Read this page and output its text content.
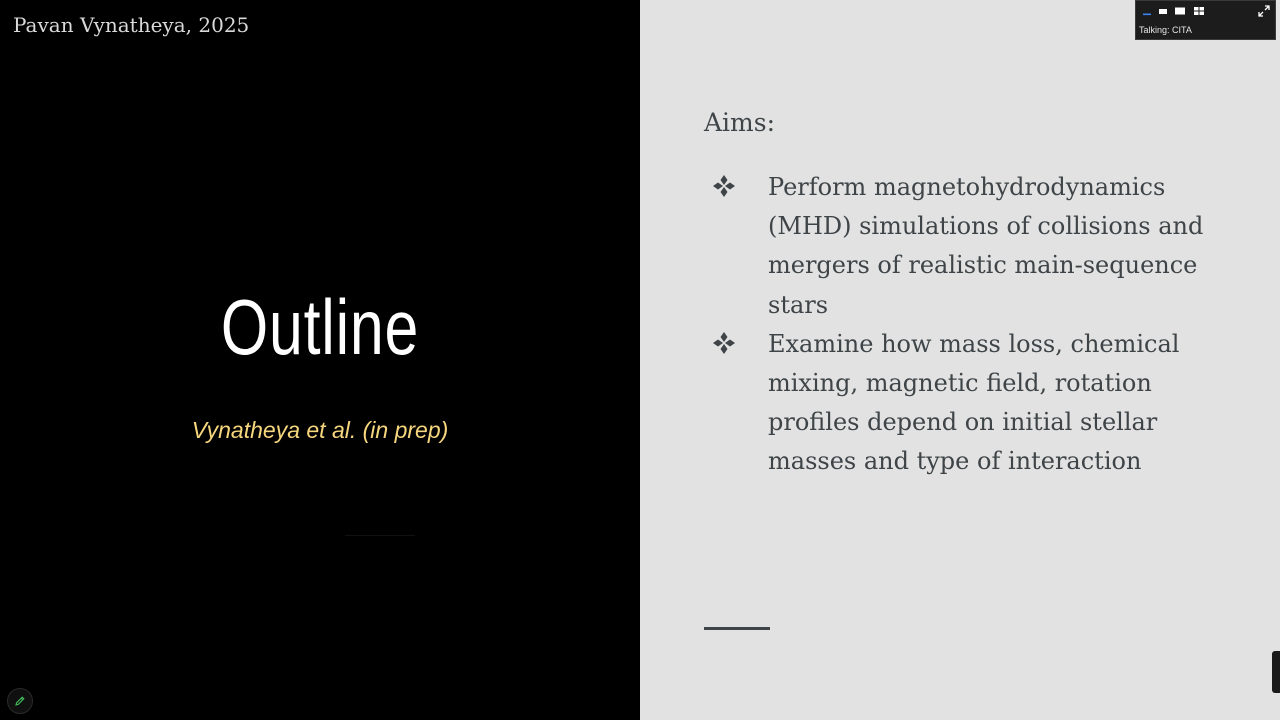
Pavan Vynatheya, 2025
Outline
Vynatheya et al. (in prep)
Aims:
Perform magnetohydrodynamics
(MHD) simulations of collisions and
mergers of realistic main-sequence
stars
Examine how mass loss, chemical
mixing, magnetic field, rotation
profiles depend on initial stellar
masses and type of interaction
Talking: CITA
